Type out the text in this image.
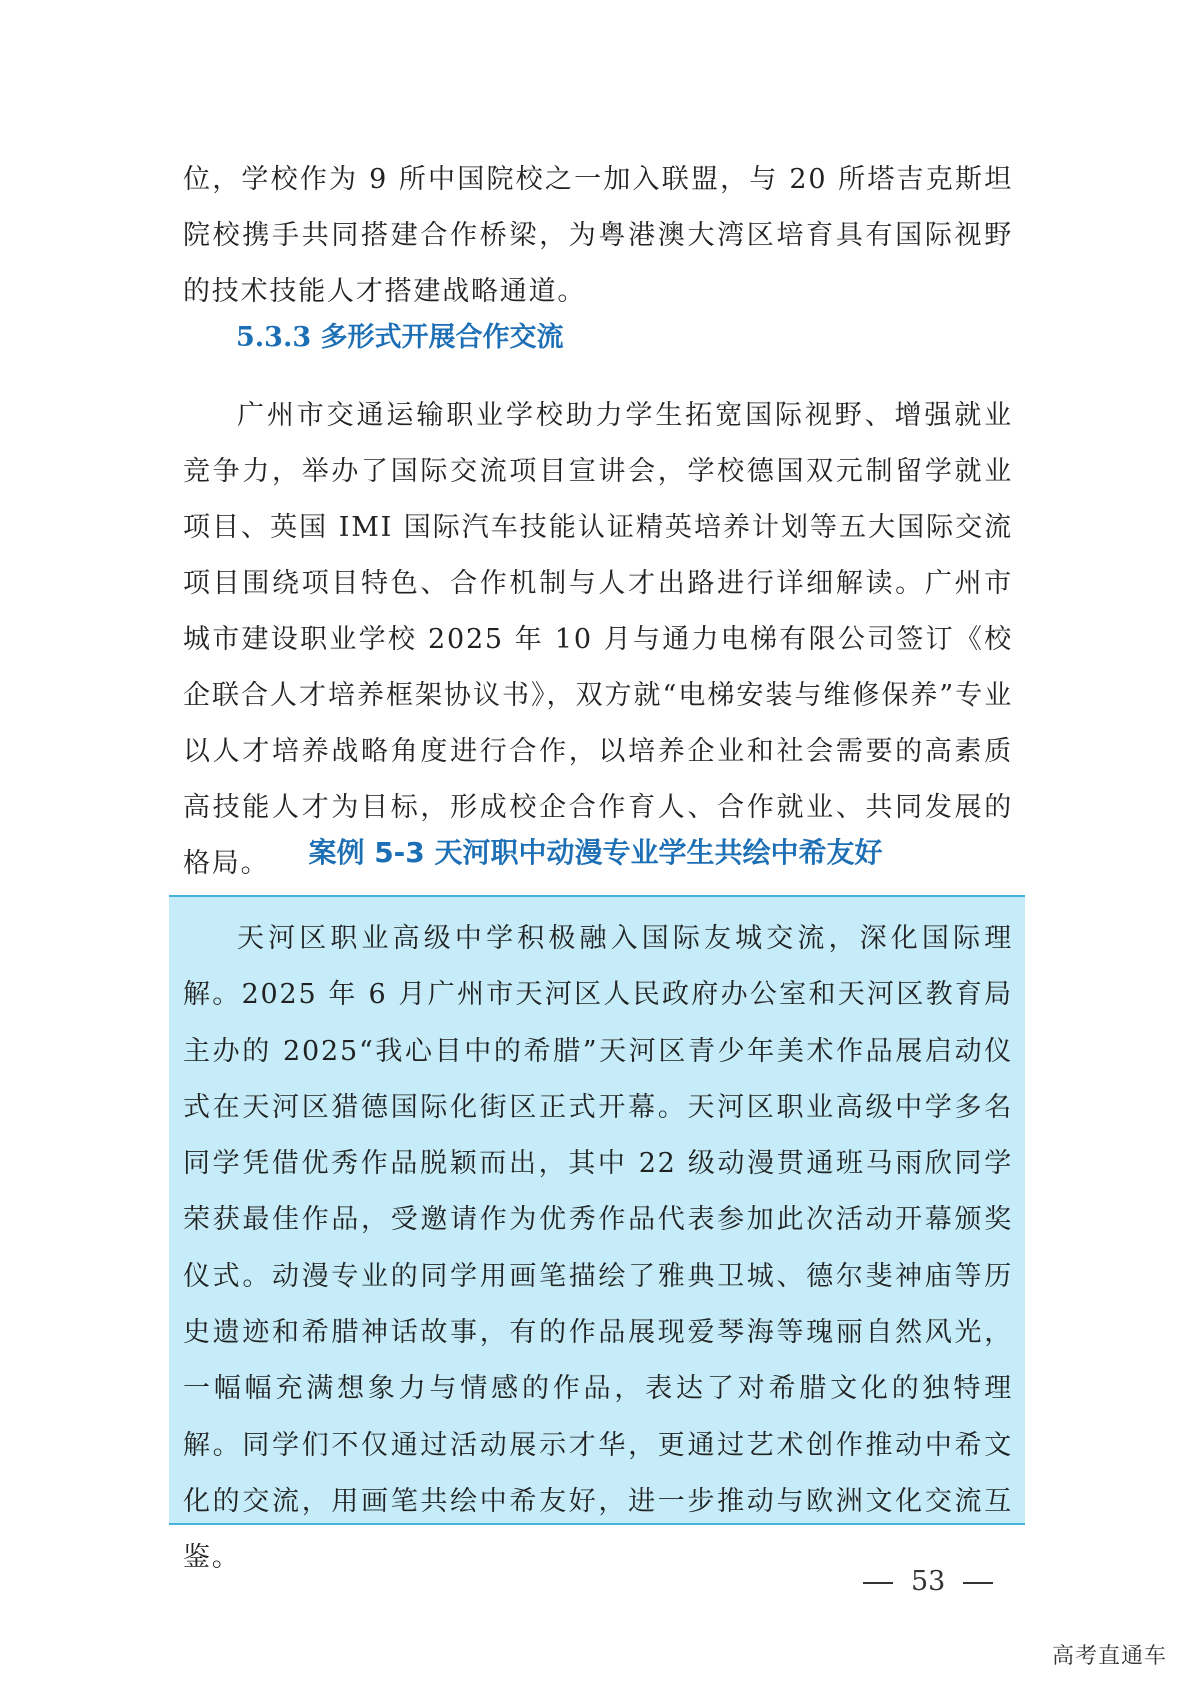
位，学校作为 9 所中国院校之一加入联盟，与 20 所塔吉克斯坦院校携手共同搭建合作桥梁，为粤港澳大湾区培育具有国际视野的技术技能人才搭建战略通道。

5.3.3 多形式开展合作交流

广州市交通运输职业学校助力学生拓宽国际视野、增强就业竞争力，举办了国际交流项目宣讲会，学校德国双元制留学就业项目、英国 IMI 国际汽车技能认证精英培养计划等五大国际交流项目围绕项目特色、合作机制与人才出路进行详细解读。广州市城市建设职业学校 2025 年 10 月与通力电梯有限公司签订《校企联合人才培养框架协议书》，双方就“电梯安装与维修保养”专业以人才培养战略角度进行合作，以培养企业和社会需要的高素质高技能人才为目标，形成校企合作育人、合作就业、共同发展的格局。	案例 5-3 天河职中动漫专业学生共绘中希友好

天河区职业高级中学积极融入国际友城交流，深化国际理解。2025 年 6 月广州市天河区人民政府办公室和天河区教育局主办的 2025“我心目中的希腊”天河区青少年美术作品展启动仪式在天河区猎德国际化街区正式开幕。天河区职业高级中学多名同学凭借优秀作品脱颖而出，其中 22 级动漫贯通班马雨欣同学荣获最佳作品，受邀请作为优秀作品代表参加此次活动开幕颁奖仪式。动漫专业的同学用画笔描绘了雅典卫城、德尔斐神庙等历史遗迹和希腊神话故事，有的作品展现爱琴海等瑰丽自然风光，一幅幅充满想象力与情感的作品，表达了对希腊文化的独特理解。同学们不仅通过活动展示才华，更通过艺术创作推动中希文化的交流，用画笔共绘中希友好，进一步推动与欧洲文化交流互鉴。

53
高考直通车
